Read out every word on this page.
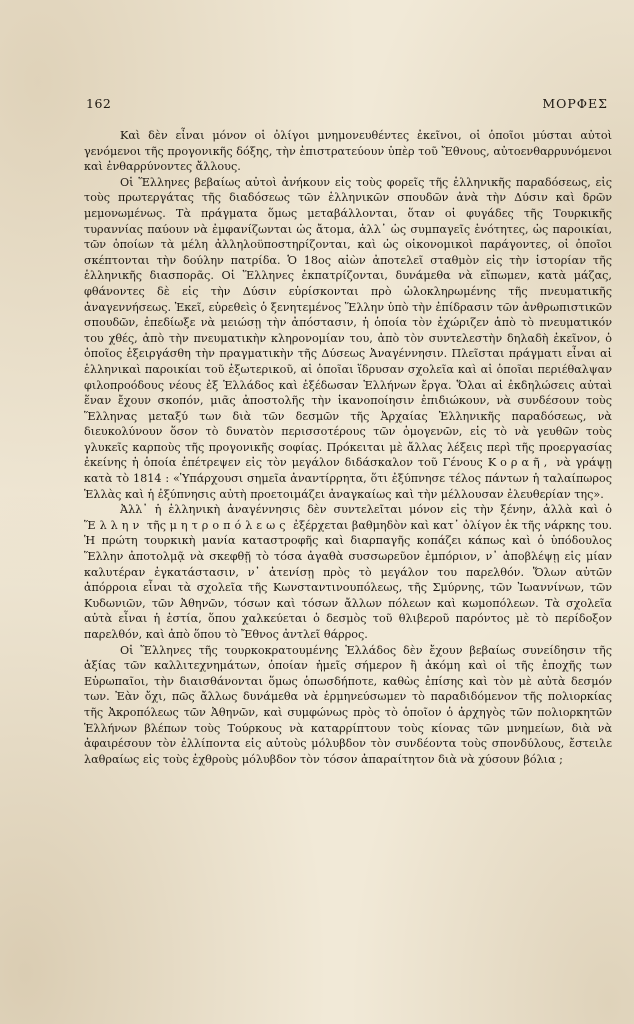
162	ΜΟΡΦΕΣ

Καὶ δὲν εἶναι μόνον οἱ ὀλίγοι μνημονευθέντες ἐκεῖνοι, οἱ ὁποῖοι μύσται αὐτοὶ γενόμενοι τῆς προγονικῆς δόξης, τὴν ἐπιστρατεύουν ὑπὲρ τοῦ Ἔθνους, αὐτοενθαρρυνόμενοι καὶ ἐνθαρρύνοντες ἄλλους.

Οἱ Ἕλληνες βεβαίως αὐτοὶ ἀνήκουν εἰς τοὺς φορεῖς τῆς ἑλληνικῆς παραδόσεως, εἰς τοὺς πρωτεργάτας τῆς διαδόσεως τῶν ἑλληνικῶν σπουδῶν ἀνὰ τὴν Δύσιν καὶ δρῶν μεμονωμένως. Τὰ πράγματα ὅμως μεταβάλλονται, ὅταν οἱ φυγάδες τῆς Τουρκικῆς τυραννίας παύουν νὰ ἐμφανίζωνται ὡς ἄτομα, ἀλλ᾽ ὡς συμπαγεῖς ἑνότητες, ὡς παροικίαι, τῶν ὁποίων τὰ μέλη ἀλληλοϋποστηρίζονται, καὶ ὡς οἰκονομικοὶ παράγοντες, οἱ ὁποῖοι σκέπτονται τὴν δούλην πατρίδα. Ὁ 18ος αἰὼν ἀποτελεῖ σταθμὸν εἰς τὴν ἱστορίαν τῆς ἑλληνικῆς διασπορᾶς. Οἱ Ἕλληνες ἐκπατρίζονται, δυνάμεθα νὰ εἴπωμεν, κατὰ μάζας, φθάνοντες δὲ εἰς τὴν Δύσιν εὑρίσκονται πρὸ ὡλοκληρωμένης τῆς πνευματικῆς ἀναγεννήσεως. Ἐκεῖ, εὑρεθεὶς ὁ ξενητεμένος Ἕλλην ὑπὸ τὴν ἐπίδρασιν τῶν ἀνθρωπιστικῶν σπουδῶν, ἐπεδίωξε νὰ μειώσῃ τὴν ἀπόστασιν, ἡ ὁποία τὸν ἐχώριζεν ἀπὸ τὸ πνευματικόν του χθές, ἀπὸ τὴν πνευματικὴν κληρονομίαν του, ἀπὸ τὸν συντελεστὴν δηλαδὴ ἐκεῖνον, ὁ ὁποῖος ἐξειργάσθη τὴν πραγματικὴν τῆς Δύσεως Ἀναγέννησιν. Πλεῖσται πράγματι εἶναι αἱ ἑλληνικαὶ παροικίαι τοῦ ἐξωτερικοῦ, αἱ ὁποῖαι ἵδρυσαν σχολεῖα καὶ αἱ ὁποῖαι περιέθαλψαν φιλοπροόδους νέους ἐξ Ἑλλάδος καὶ ἐξέδωσαν Ἑλλήνων ἔργα. Ὅλαι αἱ ἐκδηλώσεις αὐταὶ ἕναν ἔχουν σκοπόν, μιᾶς ἀποστολῆς τὴν ἱκανοποίησιν ἐπιδιώκουν, νὰ συνδέσουν τοὺς Ἕλληνας μεταξύ των διὰ τῶν δεσμῶν τῆς Ἀρχαίας Ἑλληνικῆς παραδόσεως, νὰ διευκολύνουν ὅσον τὸ δυνατὸν περισσοτέρους τῶν ὁμογενῶν, εἰς τὸ νὰ γευθῶν τοὺς γλυκεῖς καρποὺς τῆς προγονικῆς σοφίας. Πρόκειται μὲ ἄλλας λέξεις περὶ τῆς προεργασίας ἐκείνης ἡ ὁποία ἐπέτρεψεν εἰς τὸν μεγάλον διδάσκαλον τοῦ Γένους Κοραῆ, νὰ γράψῃ κατὰ τὸ 1814 : «Ὑπάρχουσι σημεῖα ἀναντίρρητα, ὅτι ἐξύπνησε τέλος πάντων ἡ ταλαίπωρος Ἑλλὰς καὶ ἡ ἐξύπνησις αὐτὴ προετοιμάζει ἀναγκαίως καὶ τὴν μέλλουσαν ἐλευθερίαν της».

Ἀλλ᾽ ἡ ἑλληνικὴ ἀναγέννησις δὲν συντελεῖται μόνον εἰς τὴν ξένην, ἀλλὰ καὶ ὁ Ἕλλην τῆς μητροπόλεως ἐξέρχεται βαθμηδὸν καὶ κατ᾽ ὀλίγον ἐκ τῆς νάρκης του. Ἡ πρώτη τουρκικὴ μανία καταστροφῆς καὶ διαρπαγῆς κοπάζει κάπως καὶ ὁ ὑπόδουλος Ἕλλην ἀποτολμᾷ νὰ σκεφθῇ τὸ τόσα ἀγαθὰ συσσωρεῦον ἐμπόριον, ν᾽ ἀποβλέψῃ εἰς μίαν καλυτέραν ἐγκατάστασιν, ν᾽ ἀτενίσῃ πρὸς τὸ μεγάλον του παρελθόν. Ὅλων αὐτῶν ἀπόρροια εἶναι τὰ σχολεῖα τῆς Κωνσταντινουπόλεως, τῆς Σμύρνης, τῶν Ἰωαννίνων, τῶν Κυδωνιῶν, τῶν Ἀθηνῶν, τόσων καὶ τόσων ἄλλων πόλεων καὶ κωμοπόλεων. Τὰ σχολεῖα αὐτὰ εἶναι ἡ ἑστία, ὅπου χαλκεύεται ὁ δεσμὸς τοῦ θλιβεροῦ παρόντος μὲ τὸ περίδοξον παρελθόν, καὶ ἀπὸ ὅπου τὸ Ἔθνος ἀντλεῖ θάρρος.

Οἱ Ἕλληνες τῆς τουρκοκρατουμένης Ἑλλάδος δὲν ἔχουν βεβαίως συνείδησιν τῆς ἀξίας τῶν καλλιτεχνημάτων, ὁποίαν ἡμεῖς σήμερον ἢ ἀκόμη καὶ οἱ τῆς ἐποχῆς των Εὐρωπαῖοι, τὴν διαισθάνονται ὅμως ὁπωσδήποτε, καθὼς ἐπίσης καὶ τὸν μὲ αὐτὰ δεσμόν των. Ἐὰν ὄχι, πῶς ἄλλως δυνάμεθα νὰ ἑρμηνεύσωμεν τὸ παραδιδόμενον τῆς πολιορκίας τῆς Ἀκροπόλεως τῶν Ἀθηνῶν, καὶ συμφώνως πρὸς τὸ ὁποῖον ὁ ἀρχηγὸς τῶν πολιορκητῶν Ἑλλήνων βλέπων τοὺς Τούρκους νὰ καταρρίπτουν τοὺς κίονας τῶν μνημείων, διὰ νὰ ἀφαιρέσουν τὸν ἐλλίποντα εἰς αὐτοὺς μόλυβδον τὸν συνδέοντα τοὺς σπονδύλους, ἔστειλε λαθραίως εἰς τοὺς ἐχθροὺς μόλυβδον τὸν τόσον ἀπαραίτητον διὰ νὰ χύσουν βόλια ;
